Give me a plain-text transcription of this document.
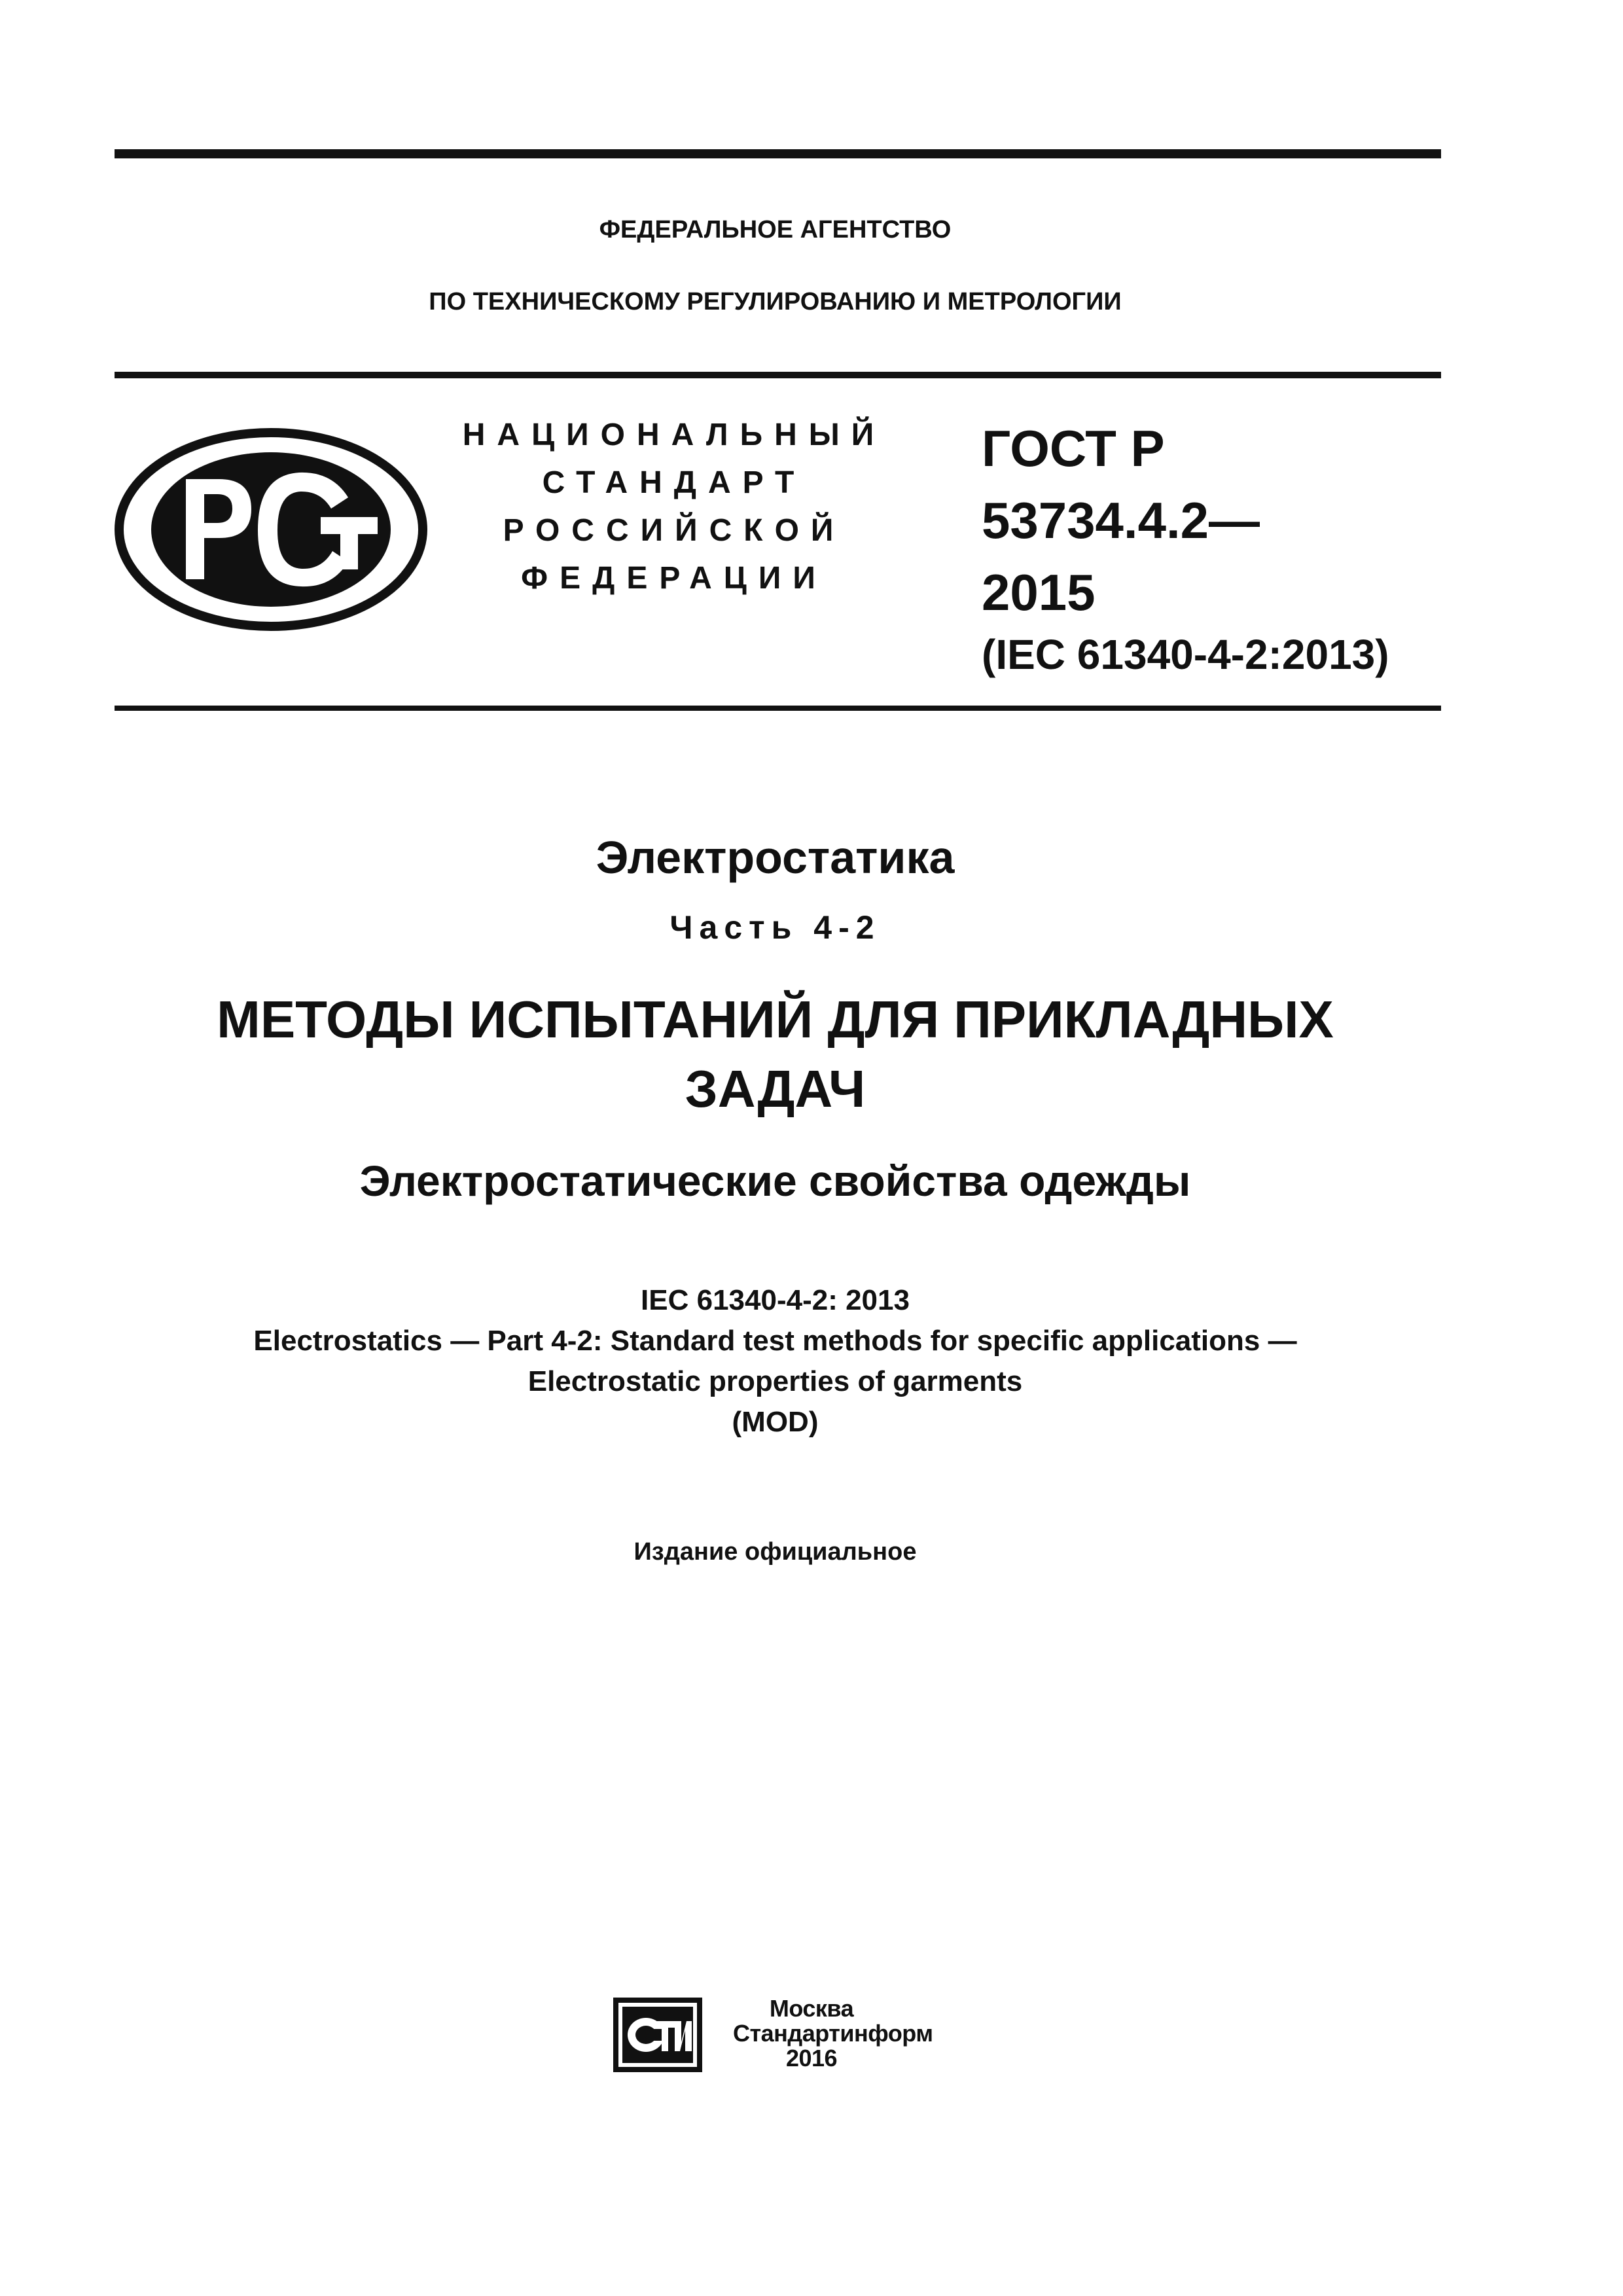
ФЕДЕРАЛЬНОЕ АГЕНТСТВО
ПО ТЕХНИЧЕСКОМУ РЕГУЛИРОВАНИЮ И МЕТРОЛОГИИ
НАЦИОНАЛЬНЫЙ
СТАНДАРТ
РОССИЙСКОЙ
ФЕДЕРАЦИИ
ГОСТ Р
53734.4.2—
2015
(IEC 61340-4-2:2013)
Электростатика
Часть 4-2
МЕТОДЫ ИСПЫТАНИЙ ДЛЯ ПРИКЛАДНЫХ
ЗАДАЧ
Электростатические свойства одежды
IEC 61340-4-2: 2013
Electrostatics — Part 4-2: Standard test methods for specific applications —
Electrostatic properties of garments
(MOD)
Издание официальное
Москва
Стандартинформ
2016
